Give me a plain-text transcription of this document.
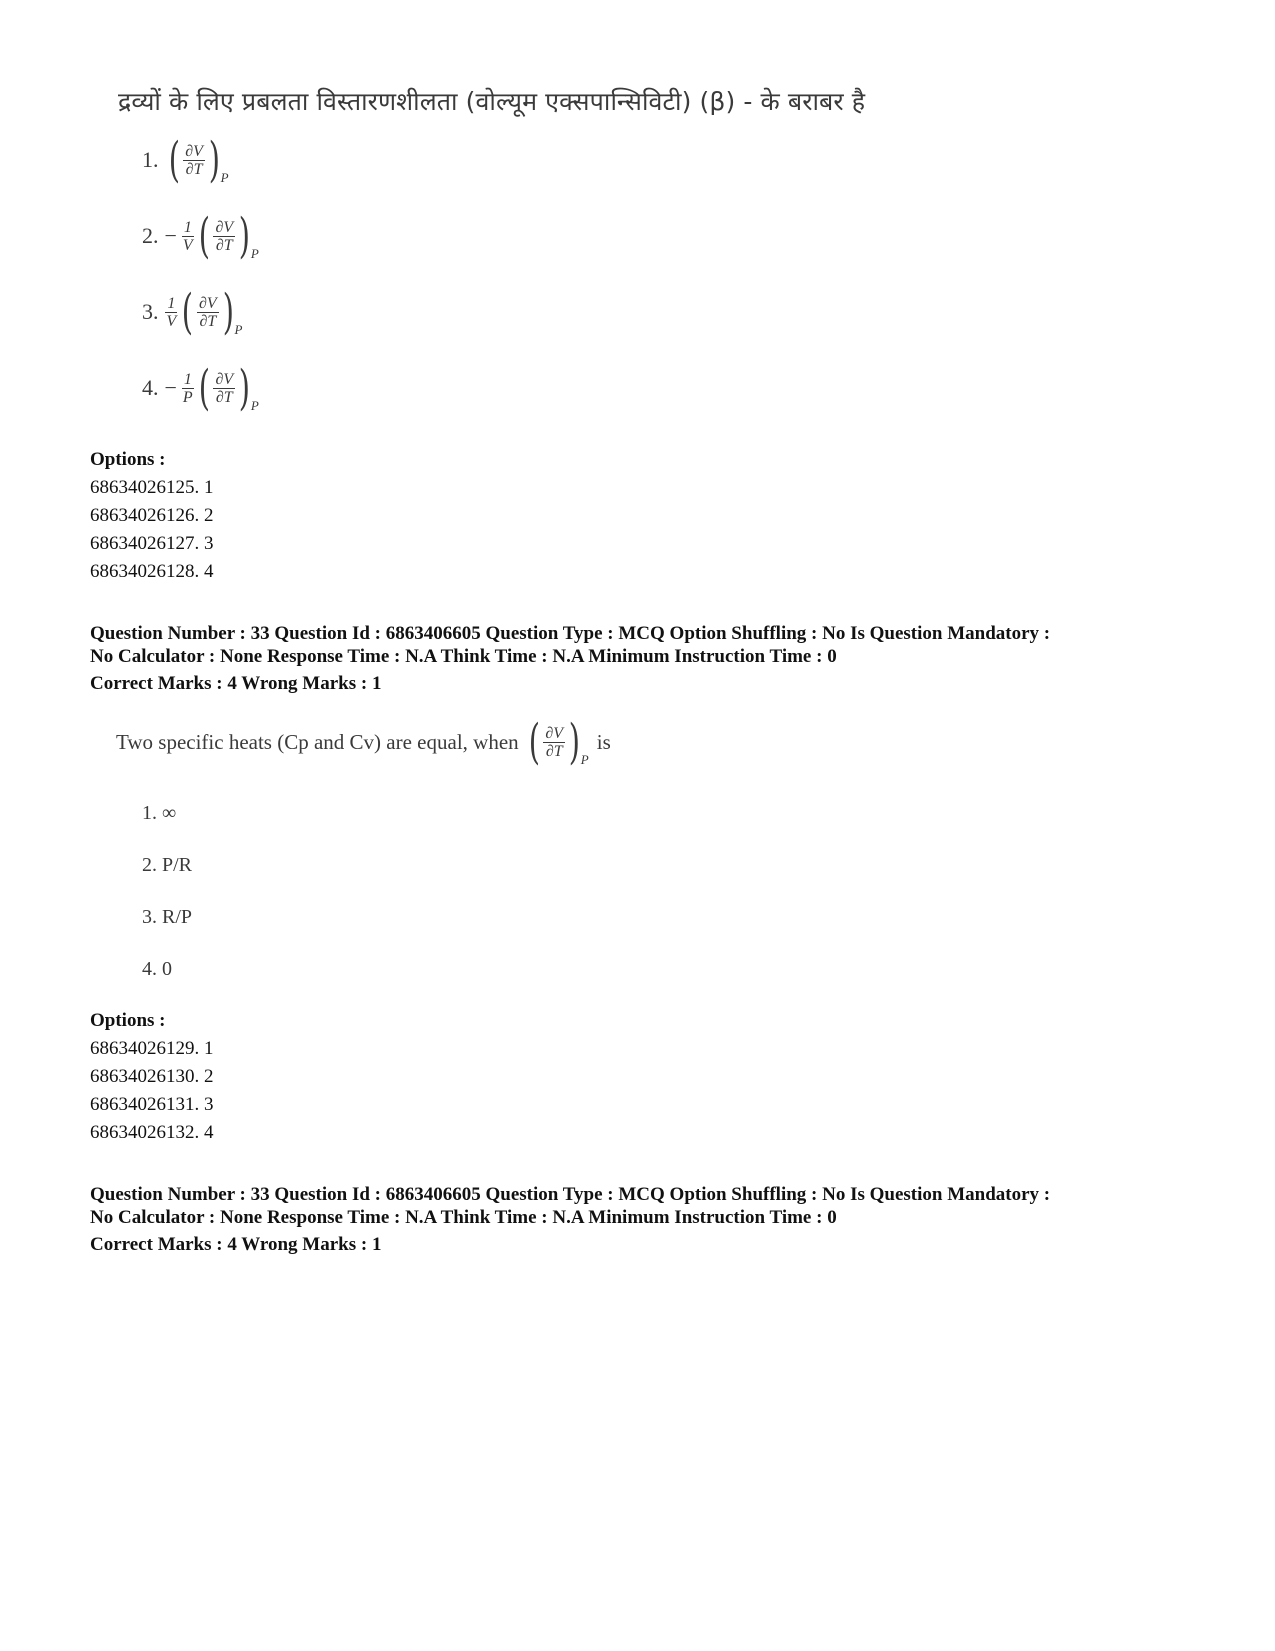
द्रव्यों के लिए प्रबलता विस्तारणशीलता (वोल्यूम एक्सपान्सिविटी) (β) - के बराबर है
1. ( $\frac{\partial V}{\partial T}$ ) P
2. − $\frac{1}{V}$ ( $\frac{\partial V}{\partial T}$ ) P
3. $\frac{1}{V}$ ( $\frac{\partial V}{\partial T}$ ) P
4. − $\frac{1}{P}$ ( $\frac{\partial V}{\partial T}$ ) P
Options :
68634026125. 1
68634026126. 2
68634026127. 3
68634026128. 4
Question Number : 33 Question Id : 6863406605 Question Type : MCQ Option Shuffling : No Is Question Mandatory :
No Calculator : None Response Time : N.A Think Time : N.A Minimum Instruction Time : 0
Correct Marks : 4 Wrong Marks : 1
Two specific heats (Cp and Cv) are equal, when ( $\frac{\partial V}{\partial T}$ ) P
is
1. ∞
2. P/R
3. R/P
4. 0
Options :
68634026129. 1
68634026130. 2
68634026131. 3
68634026132. 4
Question Number : 33 Question Id : 6863406605 Question Type : MCQ Option Shuffling : No Is Question Mandatory :
No Calculator : None Response Time : N.A Think Time : N.A Minimum Instruction Time : 0
Correct Marks : 4 Wrong Marks : 1
